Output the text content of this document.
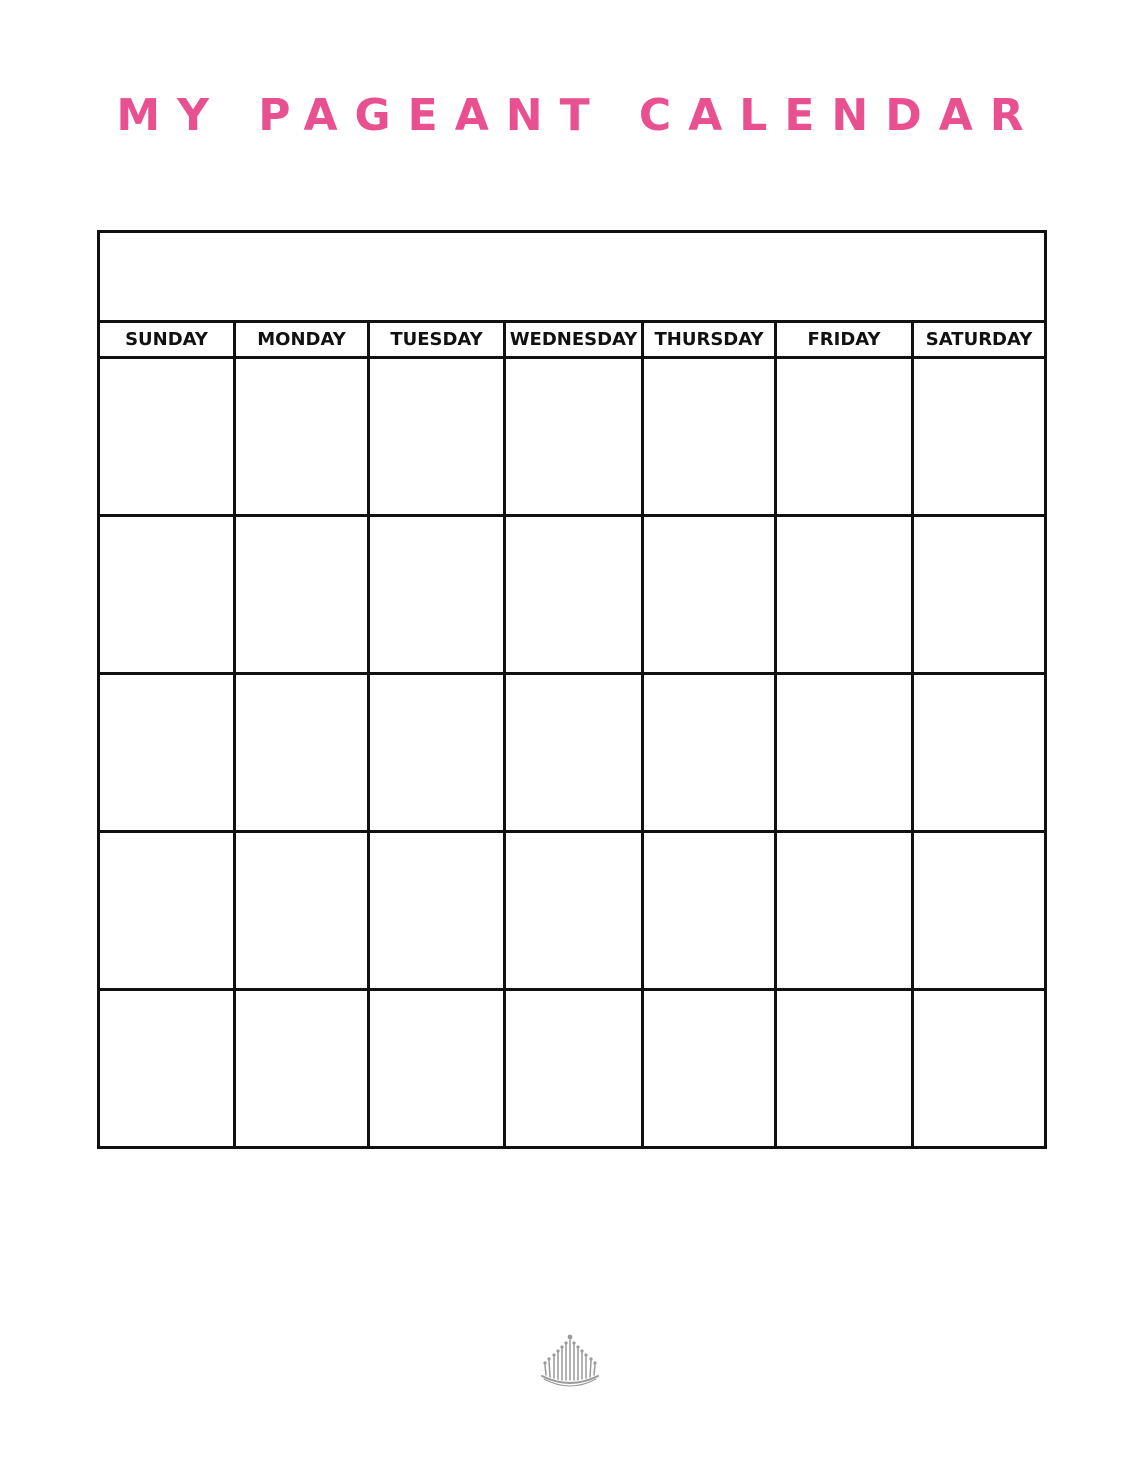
MY PAGEANT CALENDAR

SUNDAY	MONDAY	TUESDAY	WEDNESDAY	THURSDAY	FRIDAY	SATURDAY
